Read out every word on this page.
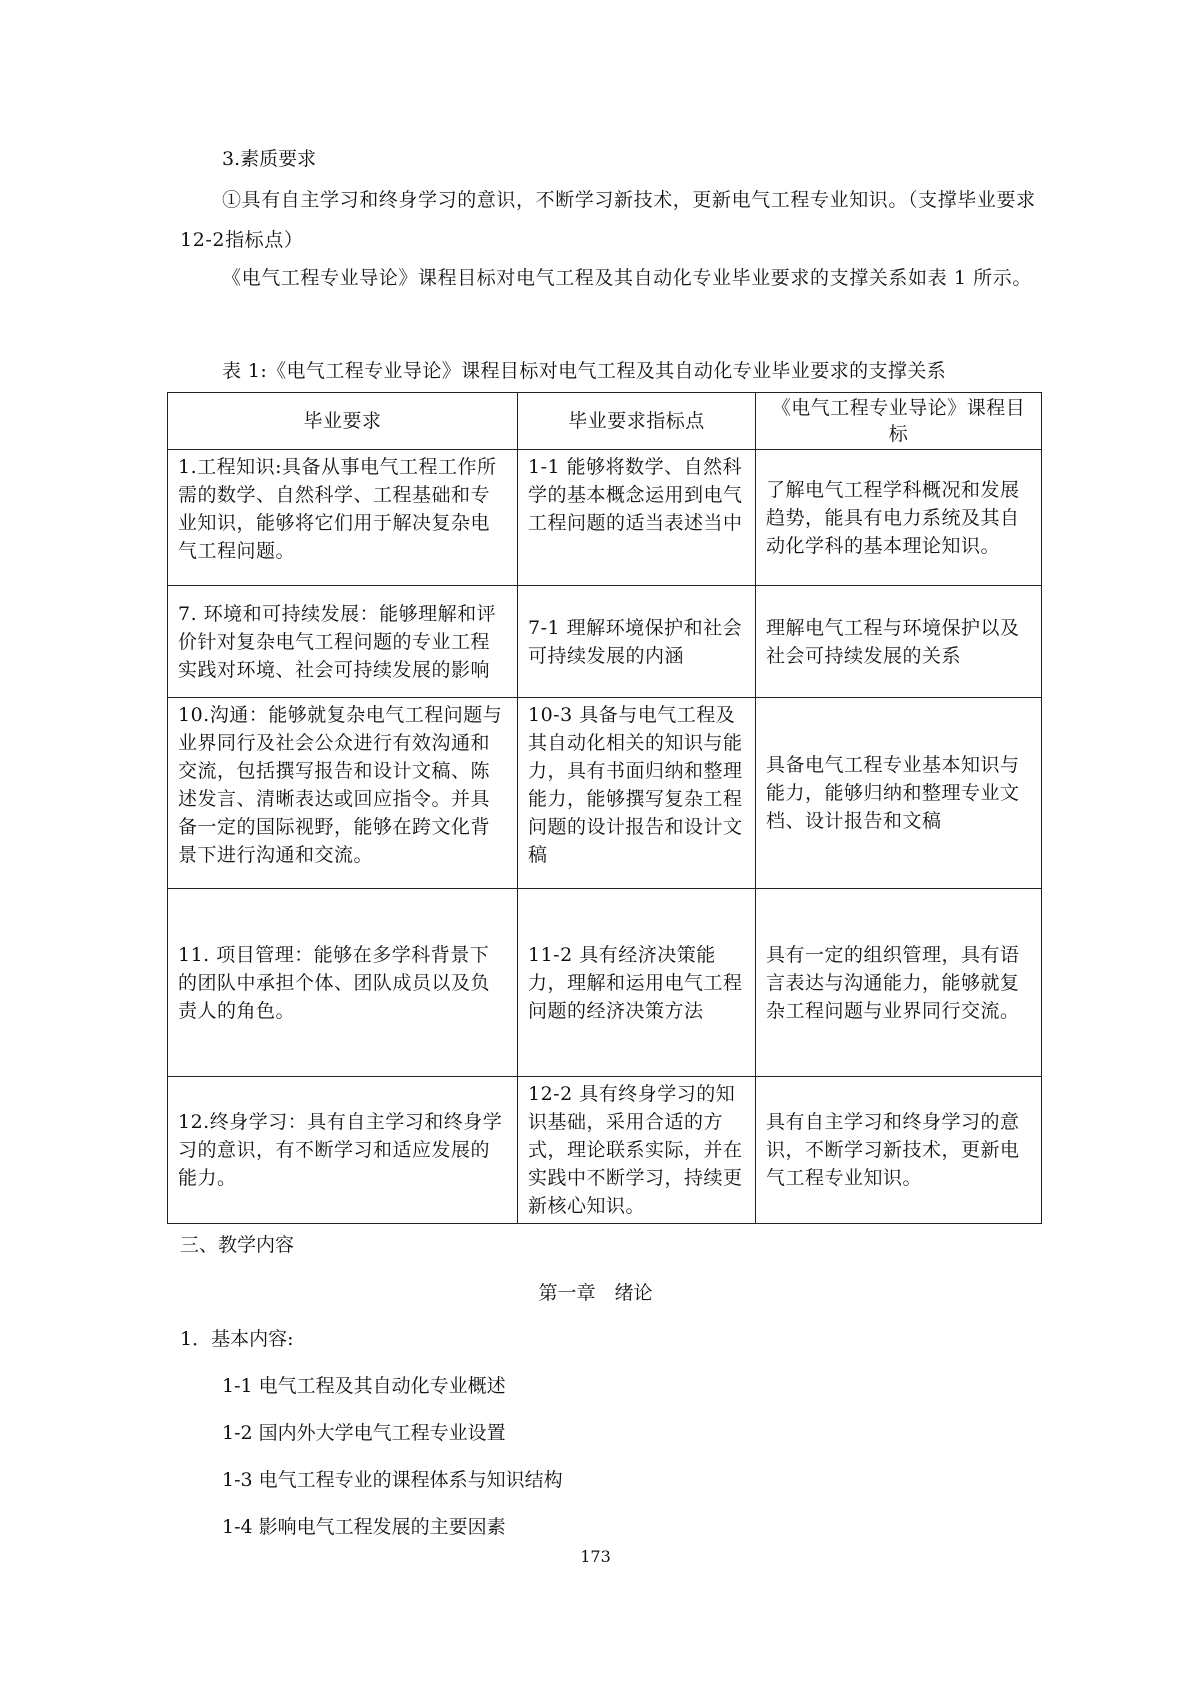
3.素质要求
①具有自主学习和终身学习的意识，不断学习新技术，更新电气工程专业知识。（支撑毕业要求 12-2指标点）
《电气工程专业导论》课程目标对电气工程及其自动化专业毕业要求的支撑关系如表 1 所示。
表 1:《电气工程专业导论》课程目标对电气工程及其自动化专业毕业要求的支撑关系
毕业要求	毕业要求指标点	《电气工程专业导论》课程目标
1.工程知识:具备从事电气工程工作所需的数学、自然科学、工程基础和专业知识，能够将它们用于解决复杂电气工程问题。	1-1 能够将数学、自然科学的基本概念运用到电气工程问题的适当表述当中	了解电气工程学科概况和发展趋势，能具有电力系统及其自动化学科的基本理论知识。
7. 环境和可持续发展：能够理解和评价针对复杂电气工程问题的专业工程实践对环境、社会可持续发展的影响	7-1 理解环境保护和社会可持续发展的内涵	理解电气工程与环境保护以及社会可持续发展的关系
10.沟通：能够就复杂电气工程问题与业界同行及社会公众进行有效沟通和交流，包括撰写报告和设计文稿、陈述发言、清晰表达或回应指令。并具备一定的国际视野，能够在跨文化背景下进行沟通和交流。	10-3 具备与电气工程及其自动化相关的知识与能力，具有书面归纳和整理能力，能够撰写复杂工程问题的设计报告和设计文稿	具备电气工程专业基本知识与能力，能够归纳和整理专业文档、设计报告和文稿
11. 项目管理：能够在多学科背景下的团队中承担个体、团队成员以及负责人的角色。	11-2 具有经济决策能力，理解和运用电气工程问题的经济决策方法	具有一定的组织管理，具有语言表达与沟通能力，能够就复杂工程问题与业界同行交流。
12.终身学习：具有自主学习和终身学习的意识，有不断学习和适应发展的能力。	12-2 具有终身学习的知识基础，采用合适的方式，理论联系实际，并在实践中不断学习，持续更新核心知识。	具有自主学习和终身学习的意识，不断学习新技术，更新电气工程专业知识。
三、教学内容
第一章　绪论
1．基本内容:
1-1 电气工程及其自动化专业概述
1-2 国内外大学电气工程专业设置
1-3 电气工程专业的课程体系与知识结构
1-4 影响电气工程发展的主要因素
173
